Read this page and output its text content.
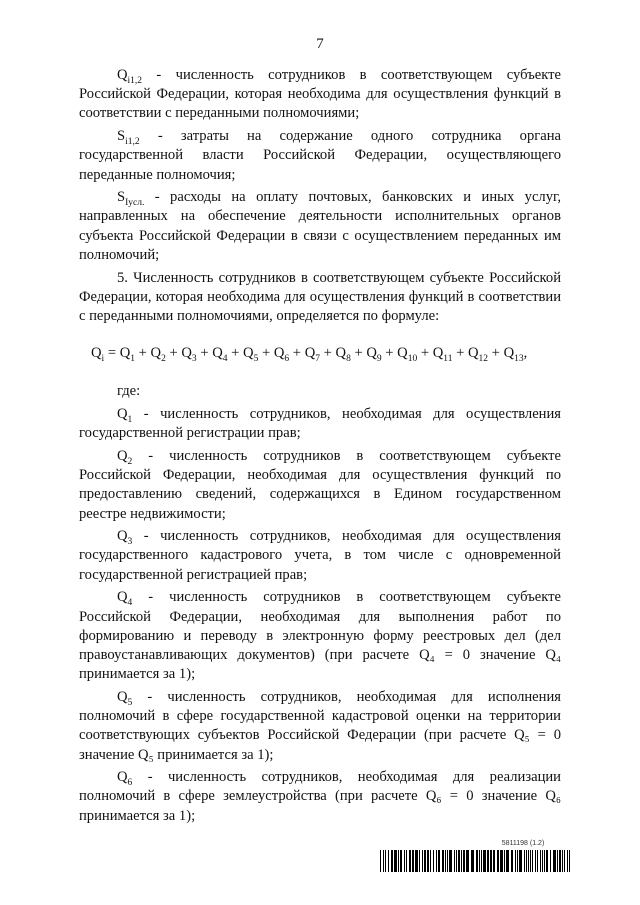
7

$Q_{i1,2}$ - численность сотрудников в соответствующем субъекте Российской Федерации, которая необходима для осуществления функций в соответствии с переданными полномочиями;

$S_{i1,2}$ - затраты на содержание одного сотрудника органа государственной власти Российской Федерации, осуществляющего переданные полномочия;

$S_{Iусл.}$ - расходы на оплату почтовых, банковских и иных услуг, направленных на обеспечение деятельности исполнительных органов субъекта Российской Федерации в связи с осуществлением переданных им полномочий;

5. Численность сотрудников в соответствующем субъекте Российской Федерации, которая необходима для осуществления функций в соответствии с переданными полномочиями, определяется по формуле:

$Q_i = Q_1 + Q_2 + Q_3 + Q_4 + Q_5 + Q_6 + Q_7 + Q_8 + Q_9 + Q_{10} + Q_{11} + Q_{12} + Q_{13}$,

где:

$Q_1$ - численность сотрудников, необходимая для осуществления государственной регистрации прав;

$Q_2$ - численность сотрудников в соответствующем субъекте Российской Федерации, необходимая для осуществления функций по предоставлению сведений, содержащихся в Едином государственном реестре недвижимости;

$Q_3$ - численность сотрудников, необходимая для осуществления государственного кадастрового учета, в том числе с одновременной государственной регистрацией прав;

$Q_4$ - численность сотрудников в соответствующем субъекте Российской Федерации, необходимая для выполнения работ по формированию и переводу в электронную форму реестровых дел (дел правоустанавливающих документов) (при расчете Q₄ = 0 значение Q₄ принимается за 1);

$Q_5$ - численность сотрудников, необходимая для исполнения полномочий в сфере государственной кадастровой оценки на территории соответствующих субъектов Российской Федерации (при расчете Q₅ = 0 значение Q₅ принимается за 1);

$Q_6$ - численность сотрудников, необходимая для реализации полномочий в сфере землеустройства (при расчете Q₆ = 0 значение Q₆ принимается за 1);

5811198 (1.2)
